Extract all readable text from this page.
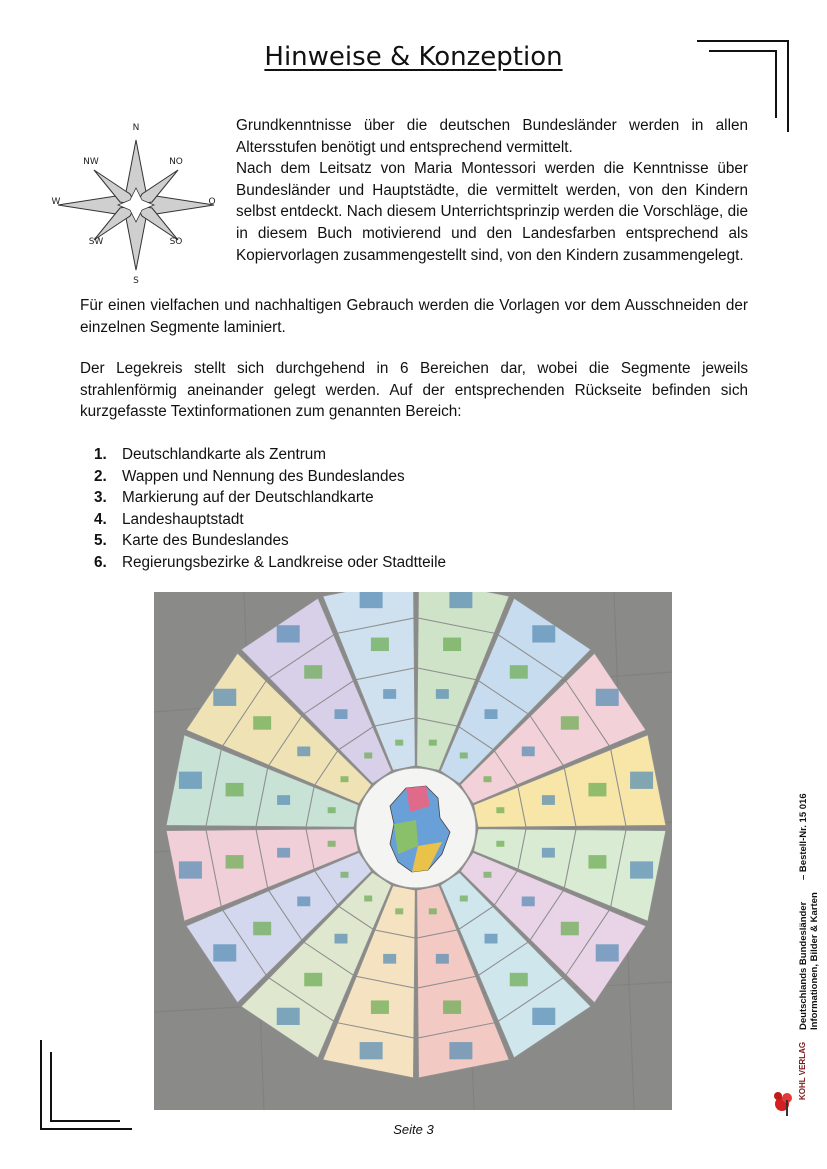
Hinweise & Konzeption
N
NO
O
SO
S
SW
W
NW
Grundkenntnisse über die deutschen Bundesländer werden in allen Altersstufen benötigt und entsprechend vermittelt.
Nach dem Leitsatz von Maria Montessori werden die Kenntnisse über Bundesländer und Hauptstädte, die vermittelt werden, von den Kindern selbst entdeckt. Nach diesem Unterrichtsprinzip werden die Vorschläge, die in diesem Buch motivierend und den Landesfarben entsprechend als Kopiervorlagen zusammengestellt sind, von den Kindern zusammengelegt.

Für einen vielfachen und nachhaltigen Gebrauch werden die Vorlagen vor dem Ausschneiden der einzelnen Segmente laminiert.

Der Legekreis stellt sich durchgehend in 6 Bereichen dar, wobei die Segmente jeweils strahlenförmig aneinander gelegt werden. Auf der entsprechenden Rückseite befinden sich kurzgefasste Textinformationen zum genannten Bereich:

1. Deutschlandkarte als Zentrum
2. Wappen und Nennung des Bundeslandes
3. Markierung auf der Deutschlandkarte
4. Landeshauptstadt
5. Karte des Bundeslandes
6. Regierungsbezirke & Landkreise oder Stadtteile
Seite 3
Deutschlands Bundesländer Informationen, Bilder & Karten
– Bestell-Nr. 15 016
KOHL VERLAG
